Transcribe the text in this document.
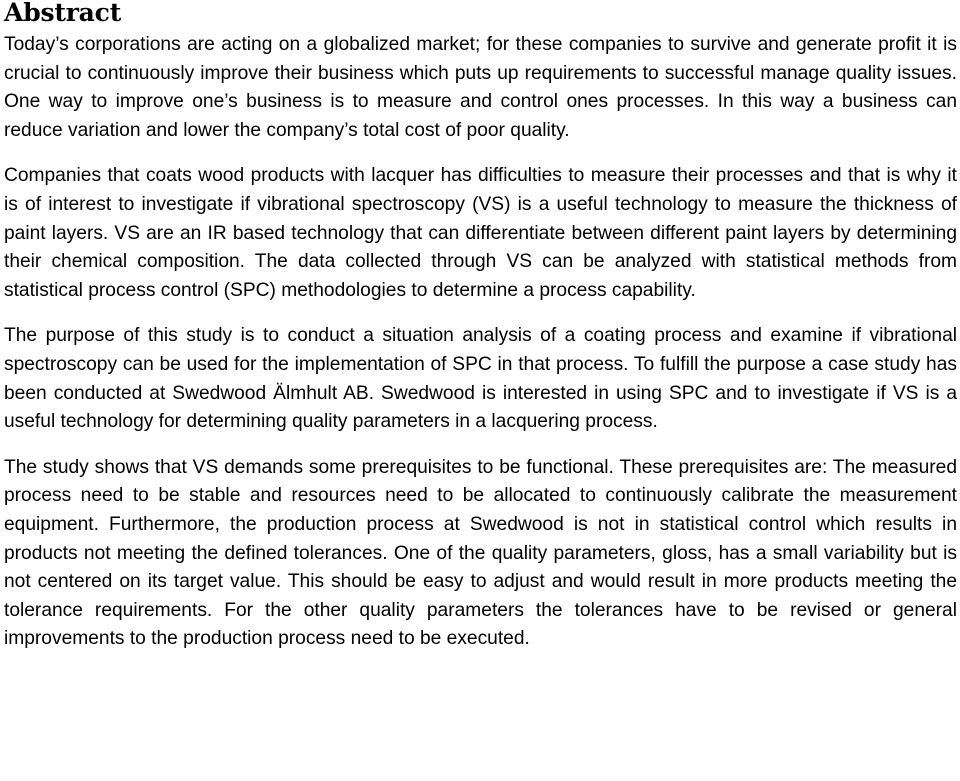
Abstract

Today’s corporations are acting on a globalized market; for these companies to survive and generate profit it is crucial to continuously improve their business which puts up requirements to successful manage quality issues. One way to improve one’s business is to measure and control ones processes. In this way a business can reduce variation and lower the company’s total cost of poor quality.

Companies that coats wood products with lacquer has difficulties to measure their processes and that is why it is of interest to investigate if vibrational spectroscopy (VS) is a useful technology to measure the thickness of paint layers. VS are an IR based technology that can differentiate between different paint layers by determining their chemical composition. The data collected through VS can be analyzed with statistical methods from statistical process control (SPC) methodologies to determine a process capability.

The purpose of this study is to conduct a situation analysis of a coating process and examine if vibrational spectroscopy can be used for the implementation of SPC in that process. To fulfill the purpose a case study has been conducted at Swedwood Älmhult AB. Swedwood is interested in using SPC and to investigate if VS is a useful technology for determining quality parameters in a lacquering process.

The study shows that VS demands some prerequisites to be functional. These prerequisites are: The measured process need to be stable and resources need to be allocated to continuously calibrate the measurement equipment. Furthermore, the production process at Swedwood is not in statistical control which results in products not meeting the defined tolerances. One of the quality parameters, gloss, has a small variability but is not centered on its target value. This should be easy to adjust and would result in more products meeting the tolerance requirements. For the other quality parameters the tolerances have to be revised or general improvements to the production process need to be executed.
